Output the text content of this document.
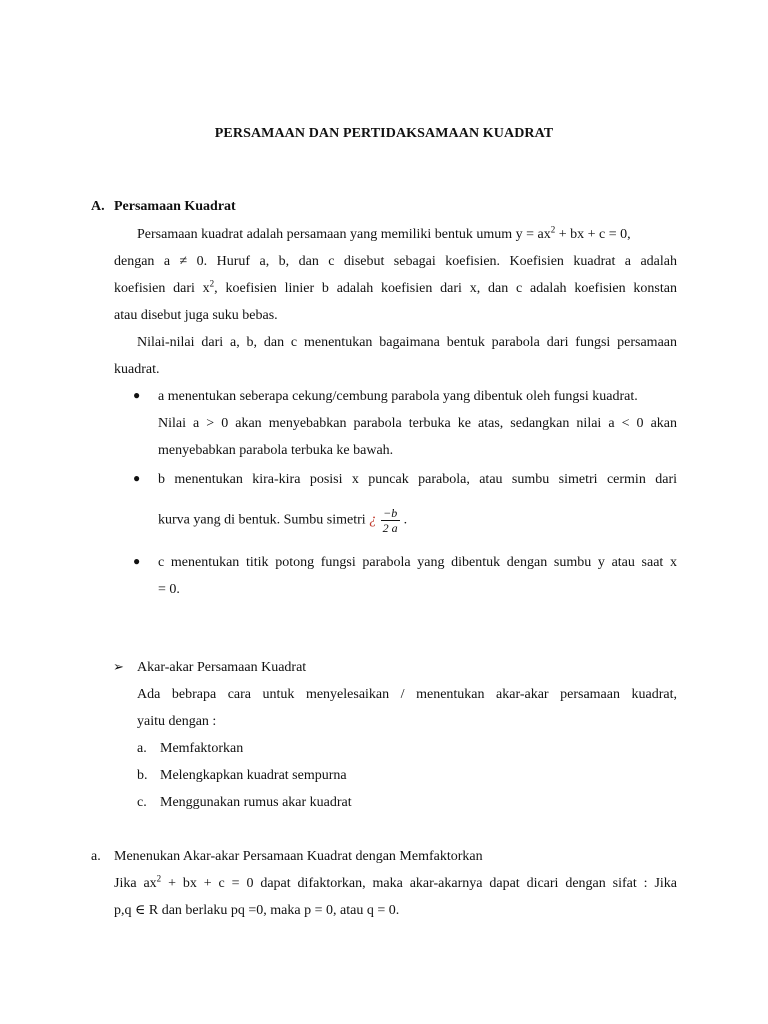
PERSAMAAN DAN PERTIDAKSAMAAN KUADRAT
A. Persamaan Kuadrat
Persamaan kuadrat adalah persamaan yang memiliki bentuk umum $y = ax^2$ + bx + c = 0,
dengan a ≠ 0. Huruf a, b, dan c disebut sebagai koefisien. Koefisien kuadrat a adalah
koefisien dari $x^2$, koefisien linier b adalah koefisien dari x, dan c adalah koefisien konstan
atau disebut juga suku bebas.
Nilai-nilai dari a, b, dan c menentukan bagaimana bentuk parabola dari fungsi persamaan
kuadrat.
● a menentukan seberapa cekung/cembung parabola yang dibentuk oleh fungsi kuadrat.
Nilai a > 0 akan menyebabkan parabola terbuka ke atas, sedangkan nilai a < 0 akan
menyebabkan parabola terbuka ke bawah.
● b menentukan kira-kira posisi x puncak parabola, atau sumbu simetri cermin dari
kurva yang di bentuk. Sumbu simetri ¿ $\frac{-b}{2 a}$ .
● c menentukan titik potong fungsi parabola yang dibentuk dengan sumbu y atau saat x
= 0.
➢ Akar-akar Persamaan Kuadrat
Ada bebrapa cara untuk menyelesaikan / menentukan akar-akar persamaan kuadrat,
yaitu dengan :
a. Memfaktorkan
b. Melengkapkan kuadrat sempurna
c. Menggunakan rumus akar kuadrat
a. Menenukan Akar-akar Persamaan Kuadrat dengan Memfaktorkan
Jika $ax^2$ + bx + c = 0 dapat difaktorkan, maka akar-akarnya dapat dicari dengan sifat : Jika
p,q ∈ R dan berlaku pq =0, maka p = 0, atau q = 0.
